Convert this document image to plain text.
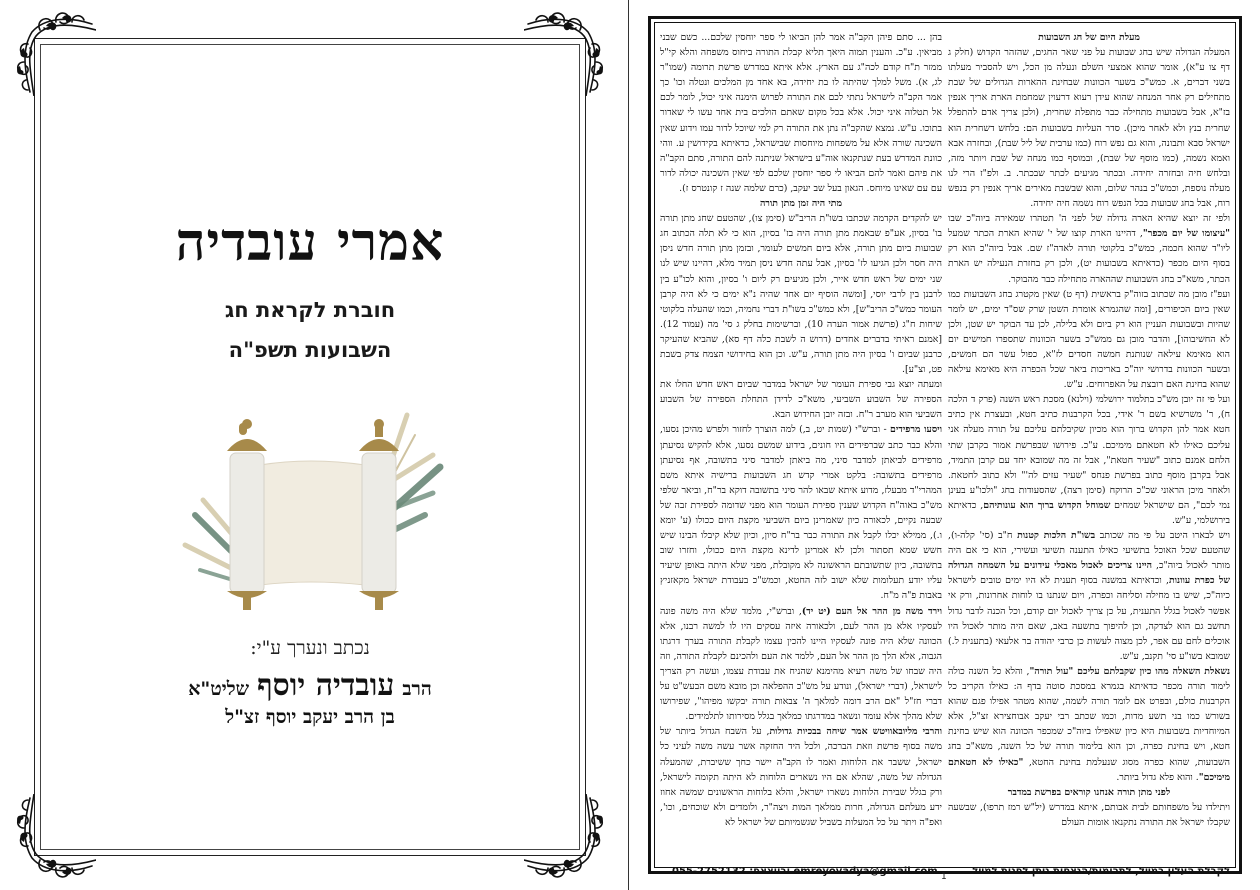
אמרי עובדיה
חוברת לקראת חג
השבועות תשפ"ה
נכתב ונערך ע"י:
הרבעובדיה יוסףשליט"א
בן הרב יעקב יוסף זצ"ל

מעלת היום של חג השבועות

המעלה הגדולה שיש בחג שבועות על פני שאר החגים, שהזהר הקדוש (חלק ג דף צו ע"א), אומר שהוא אמצעי השלם ונעלה מן הכל, ויש להסביר מעלתו בשני דברים, א. כמש"כ בשער הכוונות שבחינת ההארות הגדולים של שבת מתחילים רק אחר המנחה שהוא עידן רעוא דרעוין שמחמת הארת אריך אנפין בז"א, אבל בשבועות מתחילה כבר מתפלת שחרית, (ולכן צריך אדם להתפלל שחרית בנץ ולא לאחר מיכן). סדר העליות בשבועות הם: בלחש דשחרית הוא ישראל סבא ותבונה, והוא גם נפש רוח (כמו ערבית של ליל שבת), ובחזרה אבא ואמא נשמה, (כמו מוסף של שבת), ובמוסף כמו מנחה של שבת ויותר מזה, ובלחש חיה ובחזרה יחידה. ובכתר מגיעים לכתר שבכתר. ב. ולפ"ז הרי לנו מעלה נוספת, וכמש"כ בנהר שלום, והוא שבשבת מאירים אריך אנפין רק בנפש רוח, אבל בחג שבועות בכל הנפש רוח נשמה חיה יחידה.

ולפי זה יוצא שהיא הארה גדולה של לפני ה' תטהרו שמאירה ביוה"כ שבו "עיצומו של יום מכפר", דהיינו הארת קוצו של י' שהיא הארת הכתר שמעל ליו"ד שהוא חכמה, כמש"כ בלקוטי תורה לאדה"ז שם. אבל ביוה"כ הוא רק בסוף היום מכפר (כדאיתא בשבועות יט), ולכן רק בחזרת הנעילה יש הארת הכתר, משא"כ בחג השבועות שההארה מתחילה כבר מהבוקר.

ועפ"ז מובן מה שכתוב בזוה"ק בראשית (דף ט) שאין מקטרג בחג השבועות כמו שאין ביום הכיפורים, [ומה שהגמרא אומרת השטן שרק שס"ד ימים, יש לומר שהיות ובשבועות העניין הוא רק ביום ולא בלילה, לכן עד הבוקר יש שטן, ולכן לא החשיבוהו], והדבר מובן גם ממש"כ בשער הכוונות שתספרו חמישים יום הוא מאימא עילאה שנותנת חמשה חסדים לז"א, כפול עשר הם חמשים, ובשער הכוונות בדרושי יוה"כ באריכות ביאר שכל הכפרה היא מאימא עילאה שהוא בחינת האם רובצת על האפרוחים. ע"ש.

ועל פי זה יובן מש"כ בתלמוד ירושלמי (וילנא) מסכת ראש השנה (פרק ד הלכה ח), ר' משרשיא בשם ר' אידי, בכל הקרבנות כתיב חטא, ובעצרת אין כתיב חטא אמר להן הקדוש ברוך הוא מכיון שקיבלתם עליכם על תורה מעלה אני עליכם כאילו לא חטאתם מימיכם. ע"כ. פירושו שבפרשת אמור בקרבן שתי הלחם אמנם כתוב "שעיר חטאת", אבל זה מה שמובא יחד עם קרבן התמיד, אבל בקרבן מוסף כתוב בפרשת פנחס "שעיר עזים לה'" ולא כתוב לחטאת. ולאחר מיכן הראוני שכ"כ הרוקח (סימן רצה), שהסעודות בחג "ולכו"ע בעינן נמי לכם", הם שישראל שמחים שמוחל הקדוש ברוך הוא עונותיהם, כדאיתא בירושלמי, ע"ש.

ויש לבארו היטב על פי מה שכותב בשו"ת הלכות קטנות ח"ב (סי' קלה-ו), שהטעם שכל האוכל בתשיעי כאילו התענה תשיעי ועשירי, הוא כי אם היה מותר לאכול ביוה"כ, היינו צריכים לאכול מאכלי עידונים על השמחה הגדולה של כפרת עוונות, וכדאיתא במשנה בסוף תענית לא היו ימים טובים לישראל כיוה"כ, שיש בו מחילה וסליחה וכפרה, ויום שנתנו בו לוחות אחרונות, ורק אי אפשר לאכול בגלל התענית, על כן צריך לאכול יום קודם, וכל הכנה לדבר גדול תחשב גם הוא לצדקה, וכן להיפוך בתשעה באב, שאם היה מותר לאכול היו אוכלים לחם עם אפר, לכן מצוה לעשות כן כרבי יהודה בר אלעאי (בתענית ל.) שמובא בשו"ע סי' תקנב, ע"ש.

נשאלת השאלה מהו כיון שקבלתם עליכם "עול תורה", והלא כל השנה כולה לימוד תורה מכפר כדאיתא בגמרא במסכת סוטה בדף ה: כאילו הקריב כל הקרבנות כולם, ובפרט אם לומד תורה לשמה, שהוא מטהר אפילו פגם שהוא בשורש כמו בני תשע מדות, וכמו שכתב רבי יעקב אבוחצירא זצ"ל, אלא המיוחדיות בשבועות היא כיון שאפילו ביוה"כ שמכפר הכוונה הוא שיש בחינת חטא, ויש בחינת כפרה, וכן הוא בלימוד תורה של כל השנה, משא"כ בחג השבועות, שהוא כפרה מסוג שנעלמת בחינת החטא, "כאילו לא חטאתם מימיכם". והוא פלא גדול ביותר.

לפני מתן תורה אנחנו קוראים בפרשת במדבר

ויתילדו על משפחותם לבית אבותם, איתא במדרש (יל"ש רמז תרפו), שבשעה שקבלו ישראל את התורה נתקנאו אומות העולם

בהן ... סתם פיהן הקב"ה אמר להן הביאו לי ספר יוחסין שלכם... כשם שבני מביאין. ע"כ. והענין תמוה היאך תליא קבלת התורה ביחוס משפחה והלא קי"ל ממזר ת"ח קודם לכה"ג עם הארץ. אלא איתא במדרש פרשת תרומה (שמו"ר לג, א). משל למלך שהיתה לו בת יחידה, בא אחד מן המלכים ונטלה וכו' כך אמר הקב"ה לישראל נתתי לכם את התורה לפרוש הימנה איני יכול, לומר לכם אל תטלוה איני יכול. אלא בכל מקום שאתם הולכים בית אחד עשו לי שאדור בתוכו. ע"ש. נמצא שהקב"ה נתן את התורה רק למי שיוכל לדור עמו וידוע שאין השכינה שורה אלא על משפחות מיוחסות שבישראל, כדאיתא בקידושין ע. ווהי כוונת המדרש בעת שנתקנאו אוה"ע בישראל שניתנה להם התורה, סתם הקב"ה את פיהם ואמר להם הביאו לי ספר יוחסין שלכם לפי שאין השכינה יכולה לדור עם עם שאינו מיוחס. הגאון בעל שב יעקב, (כרם שלמה שנה ז קונטרס ז).

מתי היה זמן מתן תורה

יש להקדים הקדמה שכתבו בשו"ת הריב"ש (סימן צו), שהטעם שחג מתן תורה בו' בסיון, אע"פ שבאמת מתן תורה היה בז' בסיון, הוא כי לא תלה הכתוב חג שבועות ביום מתן תורה, אלא ביום חמשים לעומר, ובזמן מתן תורה חדש ניסן היה חסר ולכן הגיעו לז' בסיון, אבל עתה חדש ניסן תמיד מלא, דהיינו שיש לנו שני ימים של ראש חדש אייר, ולכן מגיעים רק ליום ו' בסיון, והוא לכו"ע בין לרבנן בין לרבי יוסי, [ומשה הוסיף יום אחד שהיה נ"א ימים כי לא היה קרבן העומר כמש"כ הריב"ש], ולא כמש"כ בשו"ת דברי נחמיה, וכמו שהעלה בלקוטי שיחות ח"ג (פרשת אמור הערה 10), וברשימות בחלק ג סי' מה (עמוד 12). [אמנם ראיתי בדברים אחדים (דרוש ה לשבת כלה דף סא), שהביא שהעיקר כרבנן שביום ו' בסיון היה מתן תורה, ע"ש. וכן הוא בחידושי הצמח צדק בשבת פט, וצ"ע].

ומעתה יוצא גבי ספירת העומר של ישראל במדבר שביום ראש חדש החלו את הספירה של השבוע השביעי, משא"כ לדידן התחלת הספירה של השבוע השביעי הוא מערב ר"ח. ובזה יובן החידוש הבא.

ויסעו מרפידים - וברש"י (שמות יט, ב,) למה הוצרך לחזור ולפרש מהיכן נסעו, והלא כבר כתב שברפידים היו חונים, בידוע שמשם נסעו, אלא להקיש נסיעתן מרפידים לביאתן למדבר סיני, מה ביאתן למדבר סיני בתשובה, אף נסיעתן מרפידים בתשובה: בלקט אמרי קדש חג השבועות ברישיה איתא משם המהרי"ד מבעלז, מדוע איתא שבאו להר סיני בתשובה דוקא בר"ח, וביאר שלפי מש"כ באוה"ח הקדוש שענין ספירת העומר הוא מפני שדומה לספירת זבה של שבעה נקיים, לכאורה כיון שאמרינן ביום השביעי מקצת היום ככולו (ע' יומא ו.), ממילא יכלו לקבל את התורה כבר בר"ח סיון, וכיון שלא קיבלו הבינו שיש חשש שמא תסתור ולכן לא אמרינן לדינא מקצת היום ככולו, וחזרו שוב בתשובה, כיון שתשובתם הראשונה לא מקובלת, מפני שלא היתה באופן שיעיד עליו יודע תעלומות שלא ישוב לזה החטא, וכמש"כ בעבודת ישראל מקאזניץ באבות פ"ה מ"ח.

וירד משה מן ההר אל העם (יט יד), וברש"י, מלמד שלא היה משה פונה לעסקיו אלא מן ההר לעם, ולכאורה איזה עסקים היו לו למשה רבנו, אלא הכוונה שלא היה פונה לעסקיו היינו להכין עצמו לקבלת התורה בערך דרגתו הגבוה, אלא הלך מן ההר אל העם, ללמד את העם ולהכינם לקבלת התורה, וזה היה שבחו של משה רעיא מהימנא שהניח את עבודת עצמו, ועשה רק הצריך לישראל, (דברי ישראל), ונודע על מש"כ ההפלאה וכן מובא משם הבעש"ט על דברי חז"ל "אם הרב דומה למלאך ה' צבאות תורה יבקשו מפיהו", שפירושו שלא מהלך אלא עומד ונשאר במדרגתו כמלאך בגלל מסירותו לתלמידים.

והרבי מליובאוויטש אמר שיחה בבכיות גדולות, על השבח הגדול ביותר של משה בסוף פרשת וזאת הברכה, ולכל היד החזקה אשר עשה משה לעיני כל ישראל, ששבר את הלוחות ואמר לו הקב"ה יישר כחך ששיברת, שהמעלה הגדולה של משה, שהלא אם היו נשארים הלוחות לא היתה תקומה לישראל, ורק בגלל שבירת הלוחות נשארו ישראל, והלא בלוחות הראשונים שמשה אחוז ידע מעלתם הגדולה, חרות ממלאך המות ויצה"ר, ולומדים ולא שוכחים, וכו', ואפ"ה ויתר על כל המעלות בשביל שגשמיותם של ישראל לא

לקבלת העלון במייל, לתרומות/הנצחות ניתן לפנות למייל
055-2752132 :ובווצאפ emreyovadya@gmail.com 1
